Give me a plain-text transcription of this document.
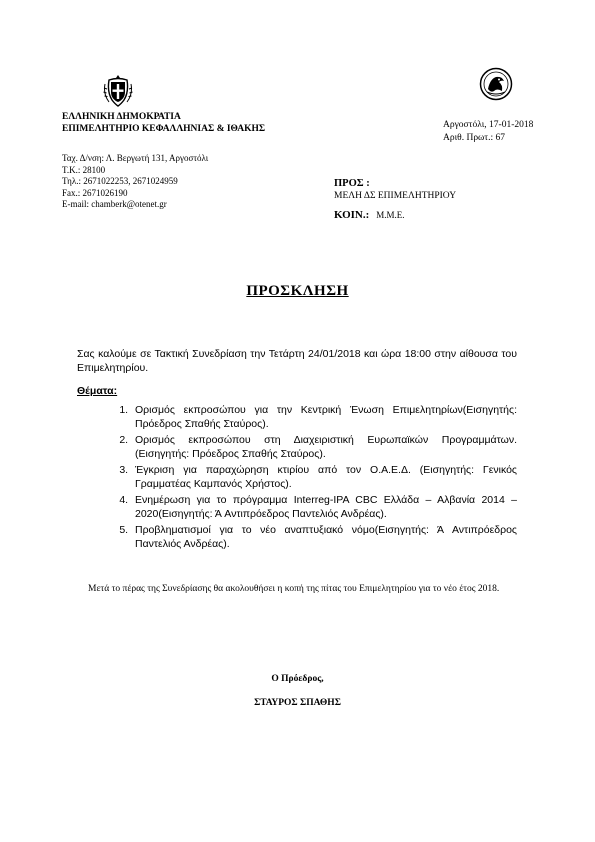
ΕΛΛΗΝΙΚΗ ΔΗΜΟΚΡΑΤΙΑ
ΕΠΙΜΕΛΗΤΗΡΙΟ ΚΕΦΑΛΛΗΝΙΑΣ & ΙΘΑΚΗΣ	Αργοστόλι, 17-01-2018
Αριθ. Πρωτ.: 67
Ταχ. Δ/νση: Λ. Βεργωτή 131, Αργοστόλι
Τ.Κ.: 28100
Τηλ.: 2671022253, 2671024959
Fax.: 2671026190
E-mail: chamberk@otenet.gr
ΠΡΟΣ :
ΜΕΛΗ ΔΣ ΕΠΙΜΕΛΗΤΗΡΙΟΥ
ΚΟΙΝ.: Μ.Μ.Ε.
ΠΡΟΣΚΛΗΣΗ
Σας καλούμε σε Τακτική Συνεδρίαση την Τετάρτη 24/01/2018 και ώρα 18:00 στην αίθουσα του Επιμελητηρίου.
Θέματα:
1. Ορισμός εκπροσώπου για την Κεντρική Ένωση Επιμελητηρίων(Εισηγητής: Πρόεδρος Σπαθής Σταύρος).
2. Ορισμός εκπροσώπου στη Διαχειριστική Ευρωπαϊκών Προγραμμάτων. (Εισηγητής: Πρόεδρος Σπαθής Σταύρος).
3. Έγκριση για παραχώρηση κτιρίου από τον Ο.Α.Ε.Δ. (Εισηγητής: Γενικός Γραμματέας Καμπανός Χρήστος).
4. Ενημέρωση για το πρόγραμμα Interreg-IPA CBC Ελλάδα – Αλβανία 2014 – 2020(Εισηγητής: Ά Αντιπρόεδρος Παντελιός Ανδρέας).
5. Προβληματισμοί για το νέο αναπτυξιακό νόμο(Εισηγητής: Ά Αντιπρόεδρος Παντελιός Ανδρέας).
Μετά το πέρας της Συνεδρίασης θα ακολουθήσει η κοπή της πίτας του Επιμελητηρίου για το νέο έτος 2018.
Ο Πρόεδρος,
ΣΤΑΥΡΟΣ ΣΠΑΘΗΣ
